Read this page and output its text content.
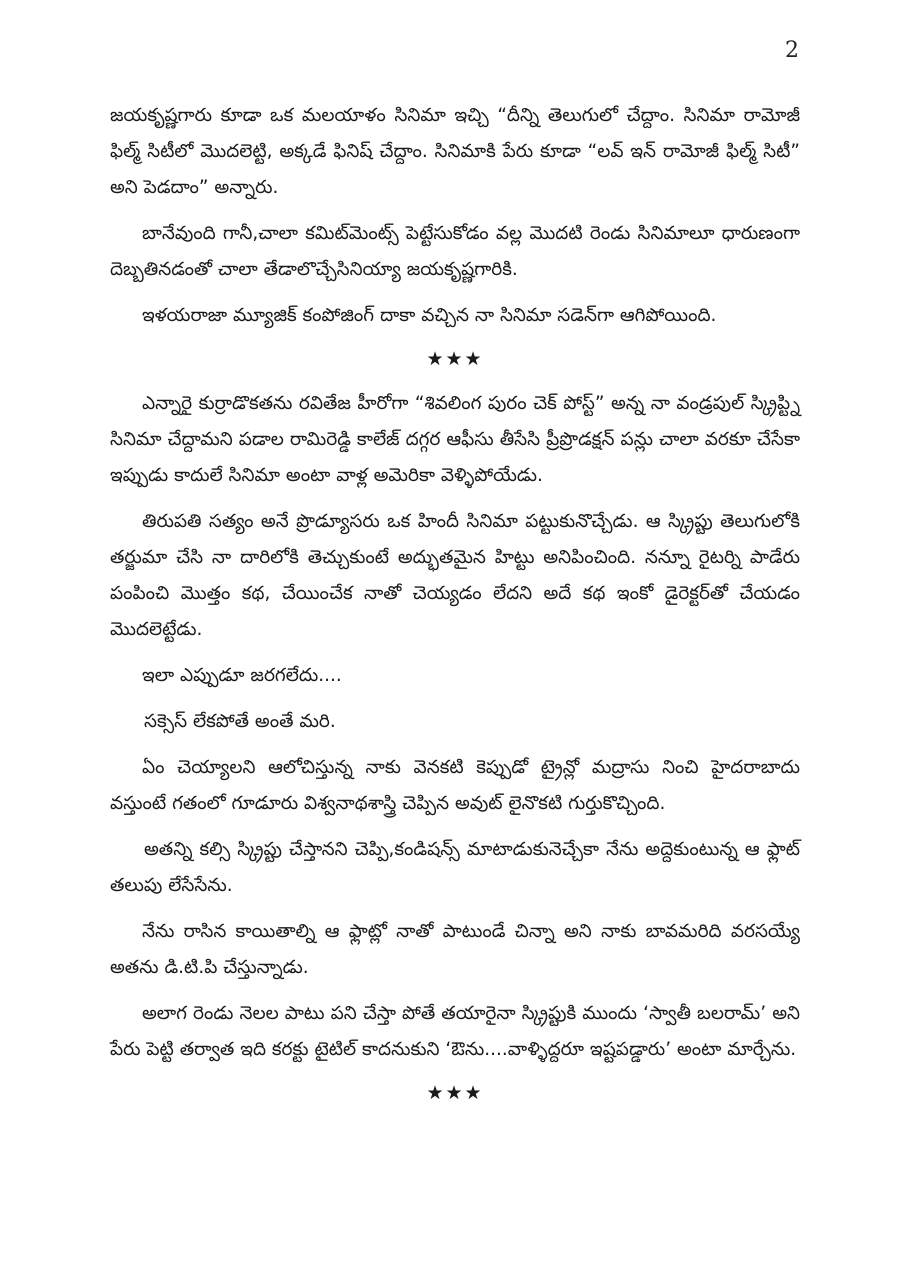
2

జయకృష్ణగారు కూడా ఒక మలయాళం సినిమా ఇచ్చి “దీన్ని తెలుగులో చేద్దాం. సినిమా రామోజీ ఫిల్మ్ సిటీలో మొదలెట్టి, అక్కడే ఫినిష్ చేద్దాం. సినిమాకి పేరు కూడా “లవ్ ఇన్ రామోజీ ఫిల్మ్ సిటీ” అని పెడదాం” అన్నారు.

బానేవుంది గానీ,చాలా కమిట్‌మెంట్స్ పెట్టేసుకోడం వల్ల మొదటి రెండు సినిమాలూ ధారుణంగా దెబ్బతినడంతో చాలా తేడాలొచ్చేసినియ్యా జయకృష్ణగారికి.

ఇళయరాజా మ్యూజిక్ కంపోజింగ్ దాకా వచ్చిన నా సినిమా సడెన్‌గా ఆగిపోయింది.

★★★

ఎన్నారై కుర్రాడొకతను రవితేజ హీరోగా “శివలింగ పురం చెక్ పోస్ట్” అన్న నా వండ్రపుల్ స్క్రిప్ట్ని సినిమా చేద్దామని పడాల రామిరెడ్డి కాలేజ్ దగ్గర ఆఫీసు తీసేసి ప్రీప్రొడక్షన్ పన్లు చాలా వరకూ చేసేకా ఇప్పుడు కాదులే సినిమా అంటా వాళ్ల అమెరికా వెళ్ళిపోయేడు.

తిరుపతి సత్యం అనే ప్రొడ్యూసరు ఒక హిందీ సినిమా పట్టుకునొచ్చేడు. ఆ స్క్రిప్టు తెలుగులోకి తర్జుమా చేసి నా దారిలోకి తెచ్చుకుంటే అద్భుతమైన హిట్టు అనిపించింది. నన్నూ రైటర్ని పాడేరు పంపించి మొత్తం కథ, చేయించేక నాతో చెయ్యడం లేదని అదే కథ ఇంకో డైరెక్టర్‌తో చేయడం మొదలెట్టేడు.

ఇలా ఎప్పుడూ జరగలేదు....

సక్సెస్ లేకపోతే అంతే మరి.

ఏం చెయ్యాలని ఆలోచిస్తున్న నాకు వెనకటి కెప్పుడో ట్రైన్లో మద్రాసు నించి హైదరాబాదు వస్తుంటే గతంలో గూడూరు విశ్వనాథశాస్త్రి చెప్పిన అవుట్ లైనొకటి గుర్తుకొచ్చింది.

అతన్ని కల్సి స్క్రిప్టు చేస్తానని చెప్పి,కండిషన్స్ మాటాడుకునెచ్చేకా నేను అద్దెకుంటున్న ఆ ఫ్లాట్ తలుపు లేసేసేను.

నేను రాసిన కాయితాల్ని ఆ ఫ్లాట్లో నాతో పాటుండే చిన్నా అని నాకు బావమరిది వరసయ్యే అతను డి.టి.పి చేస్తున్నాడు.

అలాగ రెండు నెలల పాటు పని చేస్తా పోతే తయారైనా స్క్రిప్టుకి ముందు ‘స్వాతీ బలరామ్’ అని పేరు పెట్టి తర్వాత ఇది కరక్టు టైటిల్ కాదనుకుని ‘ఔను....వాళ్ళిద్దరూ ఇష్టపడ్డారు’ అంటా మార్చేను.

★★★
